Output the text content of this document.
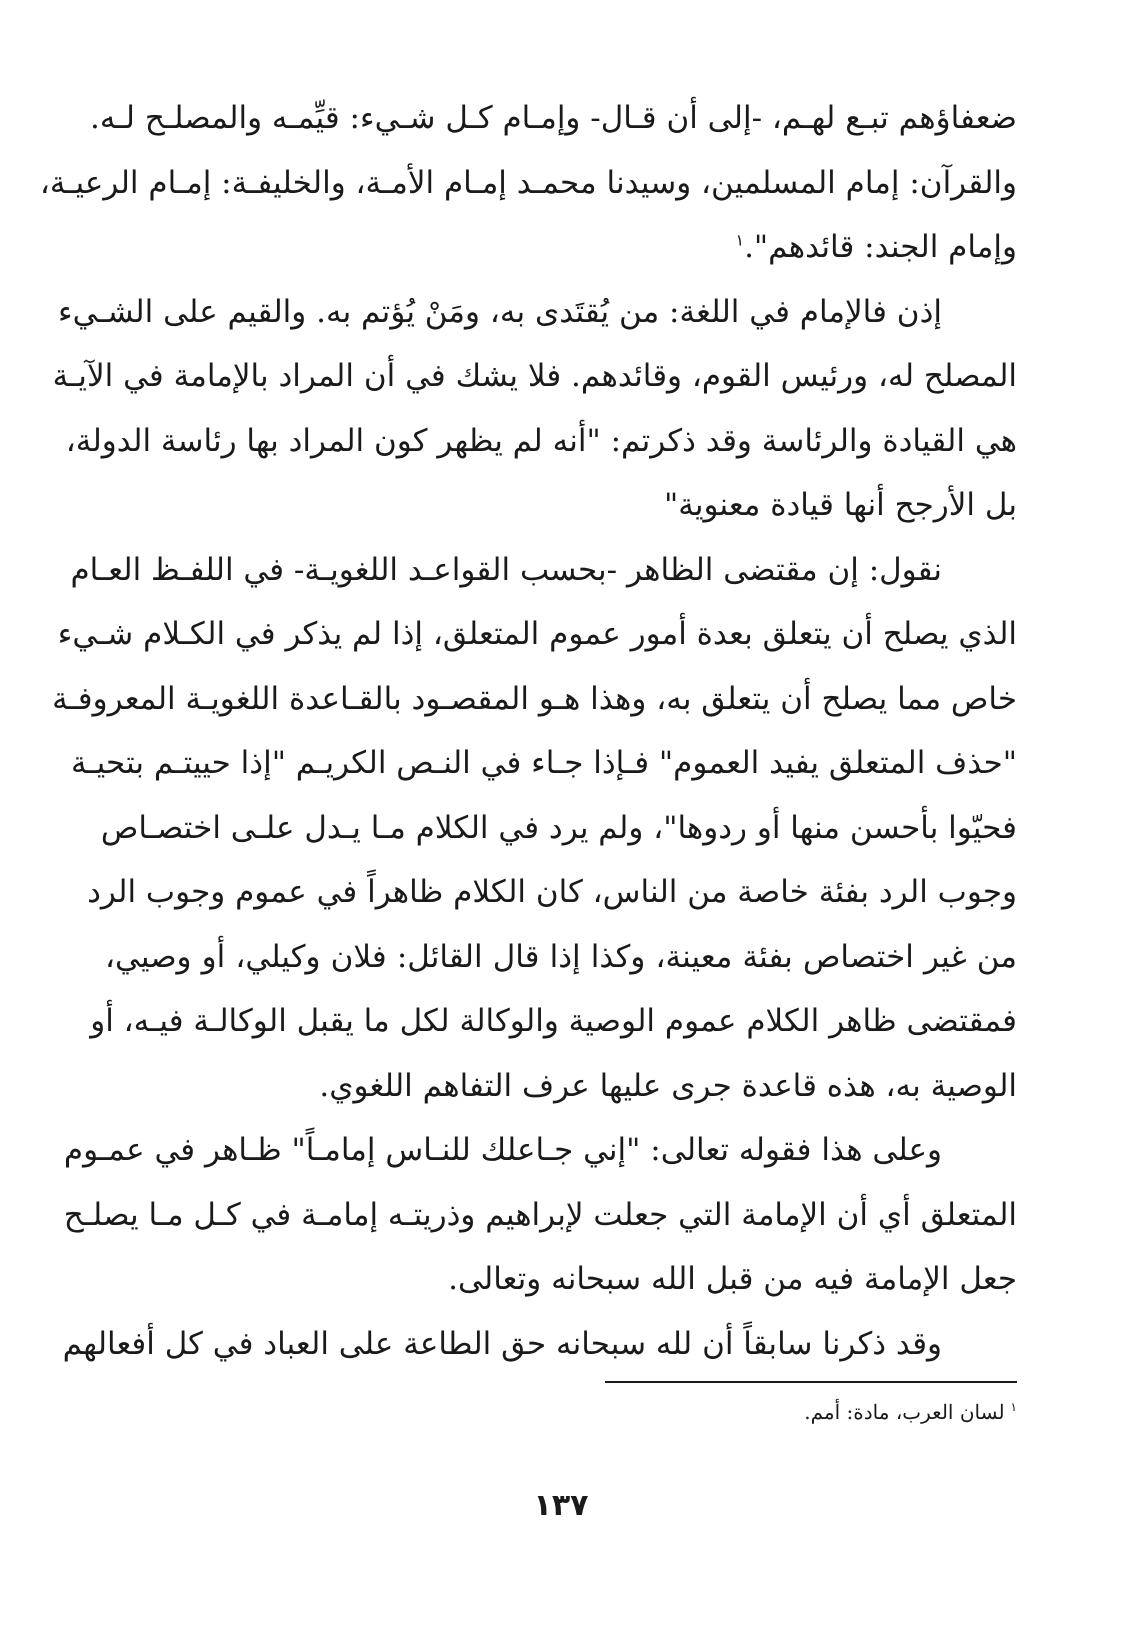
ضعفاؤهم تبـع لهـم، -إلى أن قـال- وإمـام كـل شـيء: قيِّمـه والمصلـح لـه.
والقرآن: إمام المسلمين، وسيدنا محمـد إمـام الأمـة، والخليفـة: إمـام الرعيـة،
وإمام الجند: قائدهم".$^١$
إذن فالإمام في اللغة: من يُقتَدى به، ومَنْ يُؤتم به. والقيم على الشـيء
المصلح له، ورئيس القوم، وقائدهم. فلا يشك في أن المراد بالإمامة في الآيـة
هي القيادة والرئاسة وقد ذكرتم: "أنه لم يظهر كون المراد بها رئاسة الدولة،
بل الأرجح أنها قيادة معنوية"
نقول: إن مقتضى الظاهر -بحسب القواعـد اللغويـة- في اللفـظ العـام
الذي يصلح أن يتعلق بعدة أمور عموم المتعلق، إذا لم يذكر في الكـلام شـيء
خاص مما يصلح أن يتعلق به، وهذا هـو المقصـود بالقـاعدة اللغويـة المعروفـة
"حذف المتعلق يفيد العموم" فـإذا جـاء في النـص الكريـم "إذا حييتـم بتحيـة
فحيّوا بأحسن منها أو ردوها"، ولم يرد في الكلام مـا يـدل علـى اختصـاص
وجوب الرد بفئة خاصة من الناس، كان الكلام ظاهراً في عموم وجوب الرد
من غير اختصاص بفئة معينة، وكذا إذا قال القائل: فلان وكيلي، أو وصيي،
فمقتضى ظاهر الكلام عموم الوصية والوكالة لكل ما يقبل الوكالـة فيـه، أو
الوصية به، هذه قاعدة جرى عليها عرف التفاهم اللغوي.
وعلى هذا فقوله تعالى: "إني جـاعلك للنـاس إمامـاً" ظـاهر في عمـوم
المتعلق أي أن الإمامة التي جعلت لإبراهيم وذريتـه إمامـة في كـل مـا يصلـح
جعل الإمامة فيه من قبل الله سبحانه وتعالى.
وقد ذكرنا سابقاً أن لله سبحانه حق الطاعة على العباد في كل أفعالهم
$^١$لسان العرب، مادة: أمم.
١٣٧
